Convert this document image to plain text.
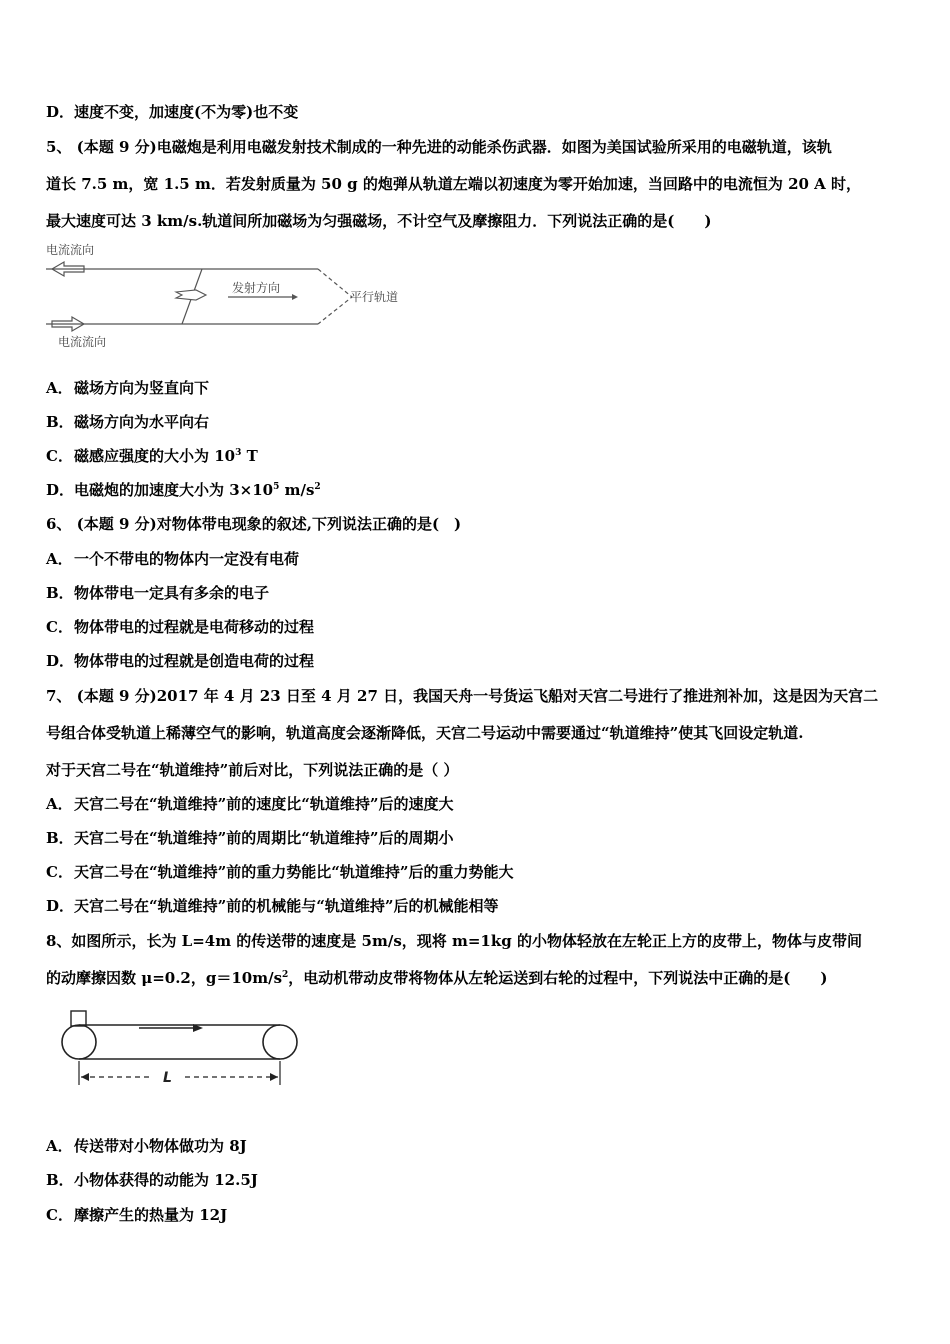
D．速度不变，加速度(不为零)也不变
5、 (本题 9 分)电磁炮是利用电磁发射技术制成的一种先进的动能杀伤武器．如图为美国试验所采用的电磁轨道，该轨
道长 7.5 m，宽 1.5 m．若发射质量为 50 g 的炮弹从轨道左端以初速度为零开始加速，当回路中的电流恒为 20 A 时，
最大速度可达 3 km/s.轨道间所加磁场为匀强磁场，不计空气及摩擦阻力．下列说法正确的是(　　)
电流流向
发射方向
平行轨道
电流流向
A．磁场方向为竖直向下
B．磁场方向为水平向右
C．磁感应强度的大小为 $10^3$ T
D．电磁炮的加速度大小为 $3\times 10^5$ $m/s^2$
6、 (本题 9 分)对物体带电现象的叙述,下列说法正确的是(　)
A．一个不带电的物体内一定没有电荷
B．物体带电一定具有多余的电子
C．物体带电的过程就是电荷移动的过程
D．物体带电的过程就是创造电荷的过程
7、 (本题 9 分)2017 年 4 月 23 日至 4 月 27 日，我国天舟一号货运飞船对天宫二号进行了推进剂补加，这是因为天宫二
号组合体受轨道上稀薄空气的影响，轨道高度会逐渐降低，天宫二号运动中需要通过“轨道维持”使其飞回设定轨道.
对于天宫二号在“轨道维持”前后对比，下列说法正确的是（ ）
A．天宫二号在“轨道维持”前的速度比“轨道维持”后的速度大
B．天宫二号在“轨道维持”前的周期比“轨道维持”后的周期小
C．天宫二号在“轨道维持”前的重力势能比“轨道维持”后的重力势能大
D．天宫二号在“轨道维持”前的机械能与“轨道维持”后的机械能相等
8、如图所示，长为 L=4m 的传送带的速度是 5m/s，现将 m=1kg 的小物体轻放在左轮正上方的皮带上，物体与皮带间
的动摩擦因数 μ=0.2，$g=10m/s^2$，电动机带动皮带将物体从左轮运送到右轮的过程中，下列说法中正确的是(　　)
L
A．传送带对小物体做功为 8J
B．小物体获得的动能为 12.5J
C．摩擦产生的热量为 12J
